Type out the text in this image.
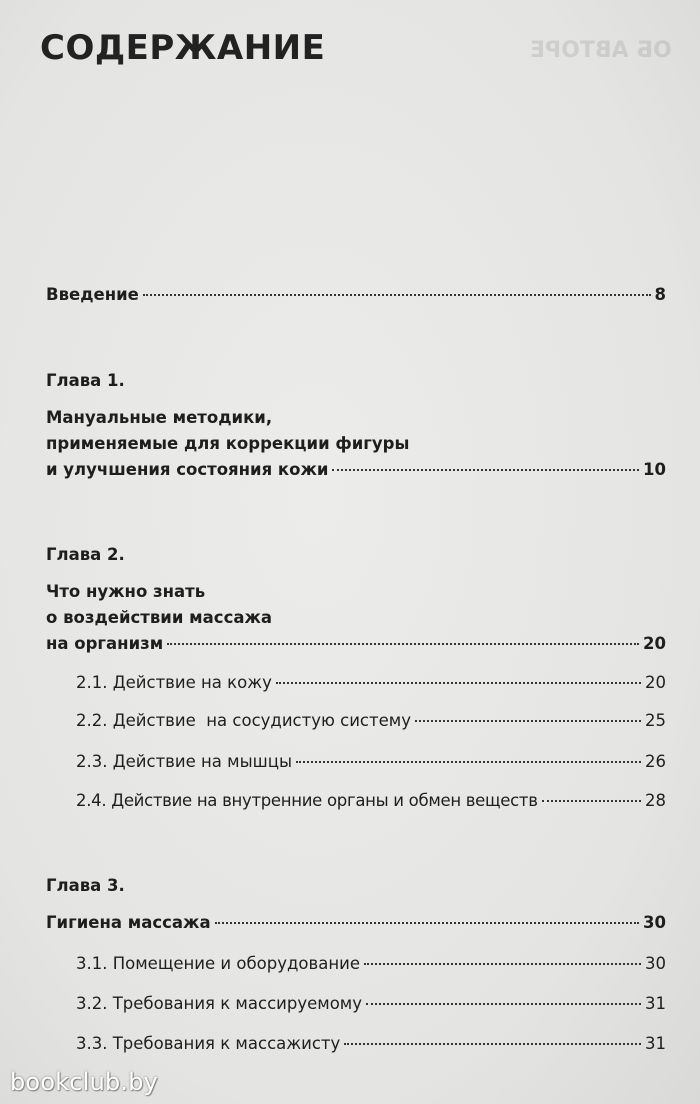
ОБ АВТОРЕ
СОДЕРЖАНИЕ
Введение	8
Глава 1.
Мануальные методики,
применяемые для коррекции фигуры
и улучшения состояния кожи	10
Глава 2.
Что нужно знать
о воздействии массажа
на организм	20
2.1. Действие на кожу	20
2.2. Действие  на сосудистую систему	25
2.3. Действие на мышцы	26
2.4. Действие на внутренние органы и обмен веществ	28
Глава 3.
Гигиена массажа	30
3.1. Помещение и оборудование	30
3.2. Требования к массируемому	31
3.3. Требования к массажисту	31
bookclub.by
